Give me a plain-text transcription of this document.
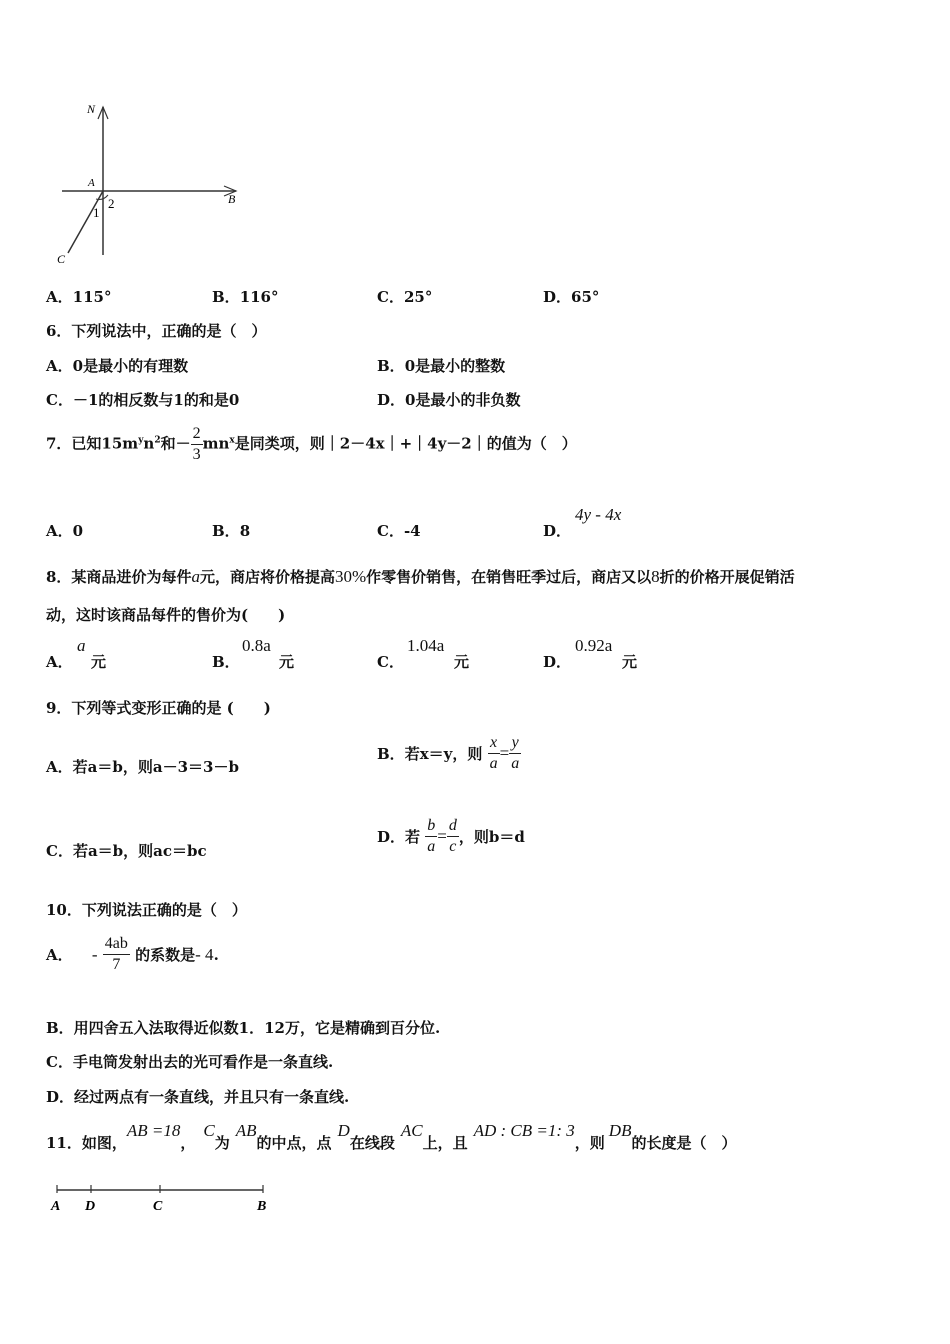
N
A
B
C
1
2
A．115°	B．116°	C．25°	D．65°
6．下列说法中，正确的是（　）
A．0是最小的有理数	B．0是最小的整数
C．－1的相反数与1的和是0	D．0是最小的非负数
7．已知$15m^yn^2$和－ $\frac{2}{3} mn^x$是同类项，则｜2－4x｜+｜4y－2｜的值为（　）
A．0	B．8	C．-4	D．
4y - 4x
8．某商品进价为每件a元，商店将价格提高30%作零售价销售，在销售旺季过后，商店又以8折的价格开展促销活
动，这时该商品每件的售价为(　　)
A．
a
元	B．
0.8a
元	C．
1.04a
元	D．
0.92a
元
9．下列等式变形正确的是 (　　)
A．若a＝b，则a－3＝3－b
B．若x＝y，则 $\frac{x}{a} = \frac{y}{a}$
C．若a＝b，则ac＝bc
D．若 $\frac{b}{a} = \frac{d}{c}$ ，则b＝d
10．下列说法正确的是（　）
A． - $\frac{4ab}{7}$ 的系数是- 4.
B．用四舍五入法取得近似数1．12万，它是精确到百分位.
C．手电筒发射出去的光可看作是一条直线.
D．经过两点有一条直线，并且只有一条直线.
11．如图，AB =18，C为AB的中点，点D在线段AC上，且AD : CB =1: 3，则DB的长度是（　）
A D	C	B
